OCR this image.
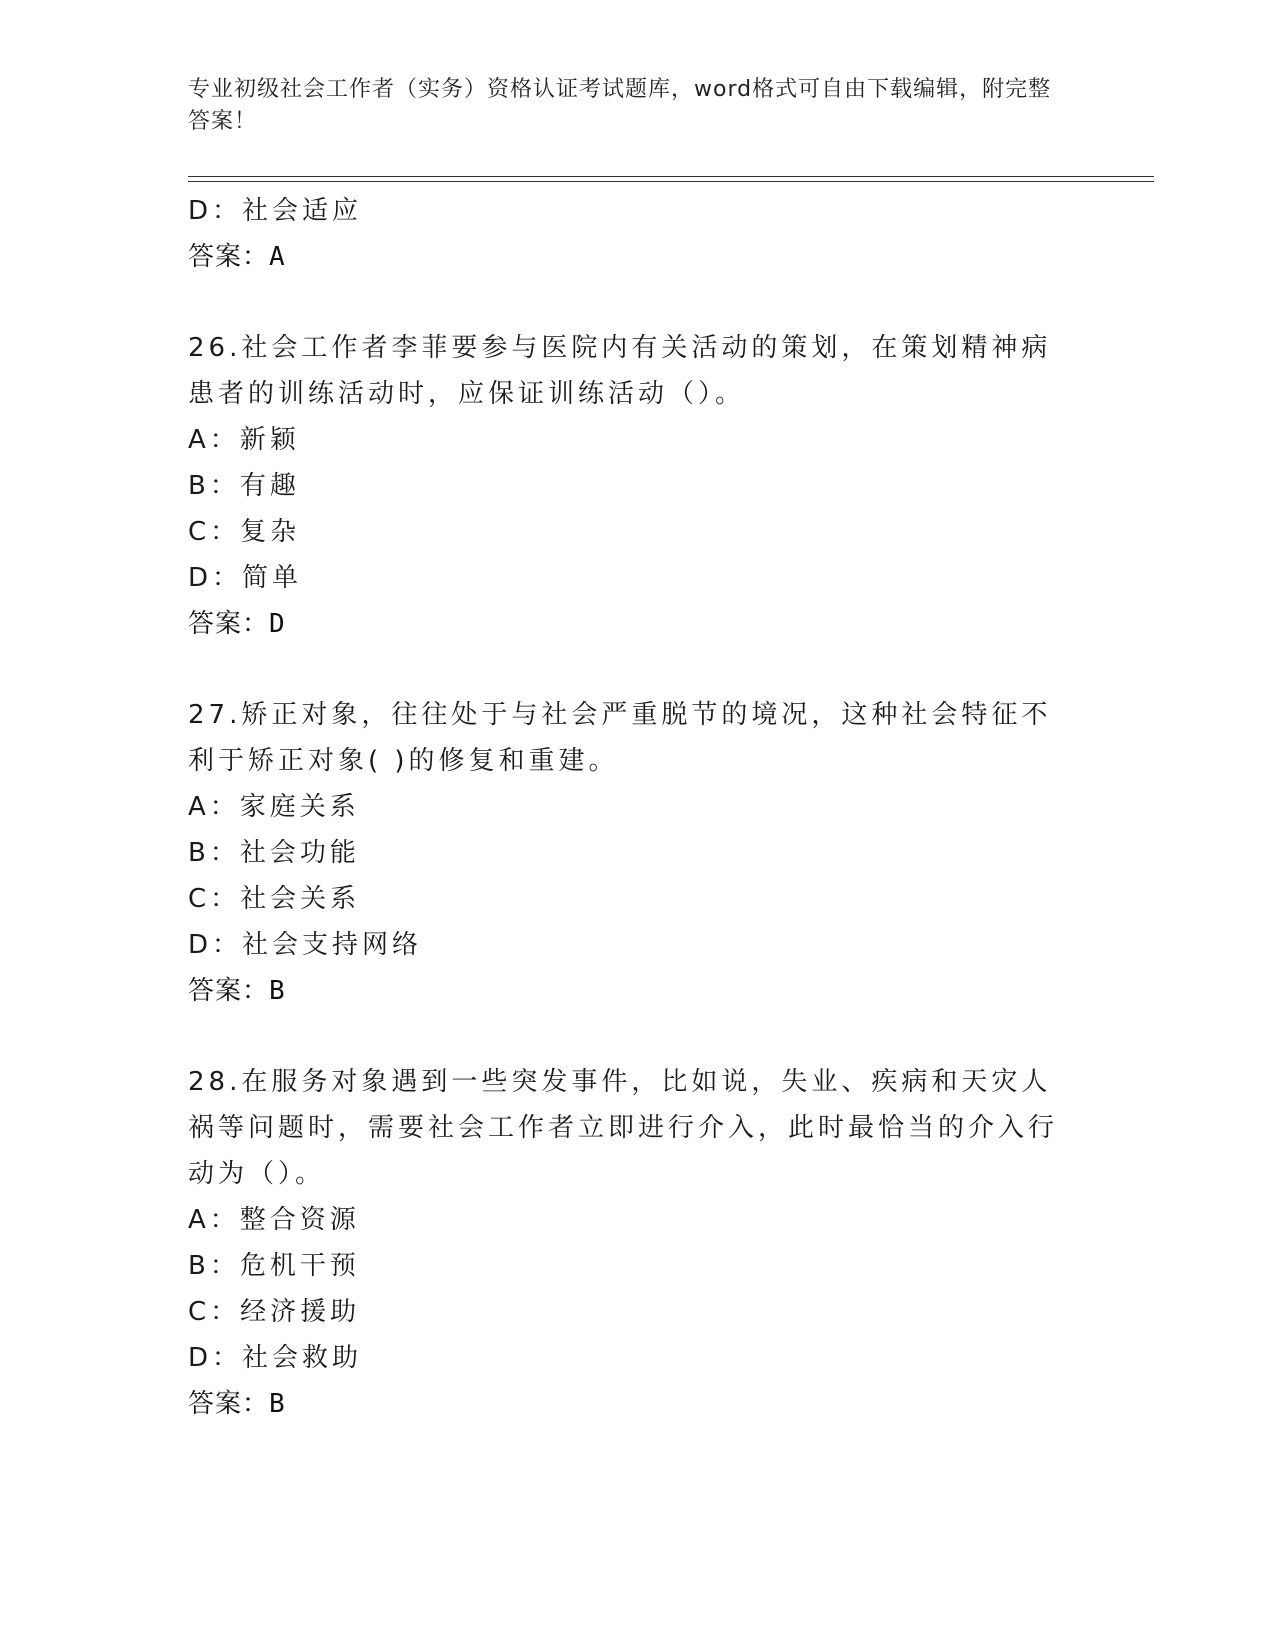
专业初级社会工作者（实务）资格认证考试题库，word格式可自由下载编辑，附完整答案！
D：社会适应
答案：A
26.社会工作者李菲要参与医院内有关活动的策划，在策划精神病患者的训练活动时，应保证训练活动（）。
A：新颖
B：有趣
C：复杂
D：简单
答案：D
27.矫正对象，往往处于与社会严重脱节的境况，这种社会特征不利于矫正对象( )的修复和重建。
A：家庭关系
B：社会功能
C：社会关系
D：社会支持网络
答案：B
28.在服务对象遇到一些突发事件，比如说，失业、疾病和天灾人祸等问题时，需要社会工作者立即进行介入，此时最恰当的介入行动为（）。
A：整合资源
B：危机干预
C：经济援助
D：社会救助
答案：B
